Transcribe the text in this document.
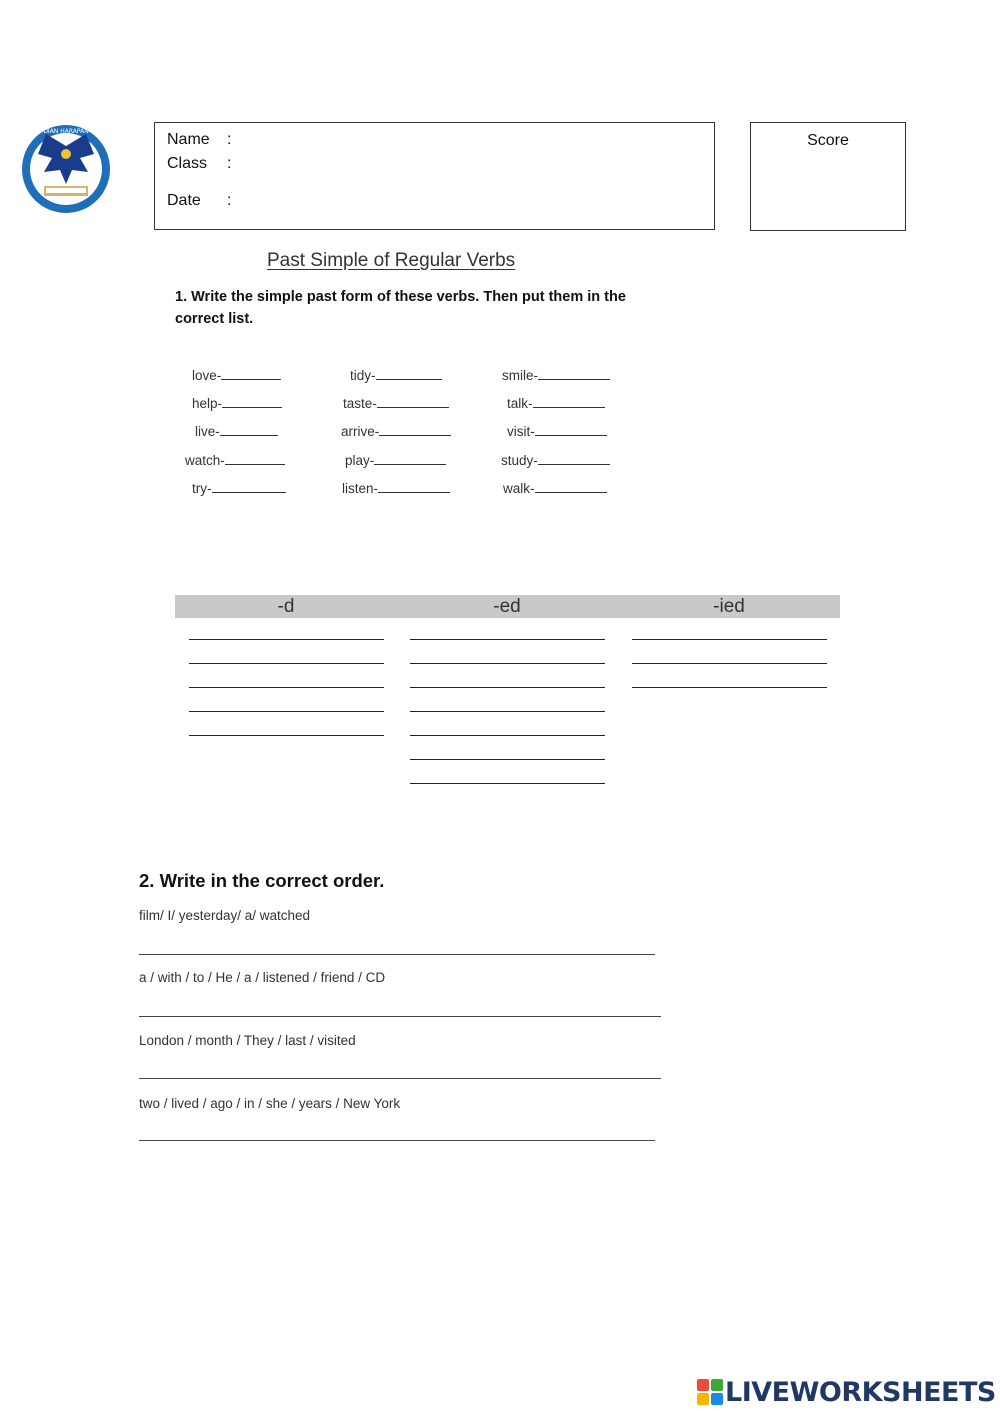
DIAN HARAPAN	Name :
Class :
Date :
Score
Past Simple of Regular Verbs
1. Write the simple past form of these verbs. Then put them in the correct list.
love-	tidy-	smile-
help-	taste-	talk-
live-	arrive-	visit-
watch-	play-	study-
try-	listen-	walk-
-d	-ed	-ied
2. Write in the correct order.
film/ I/ yesterday/ a/ watched
a / with / to / He / a / listened / friend / CD
London / month / They / last / visited
two / lived / ago / in / she / years / New York
LIVEWORKSHEETS
